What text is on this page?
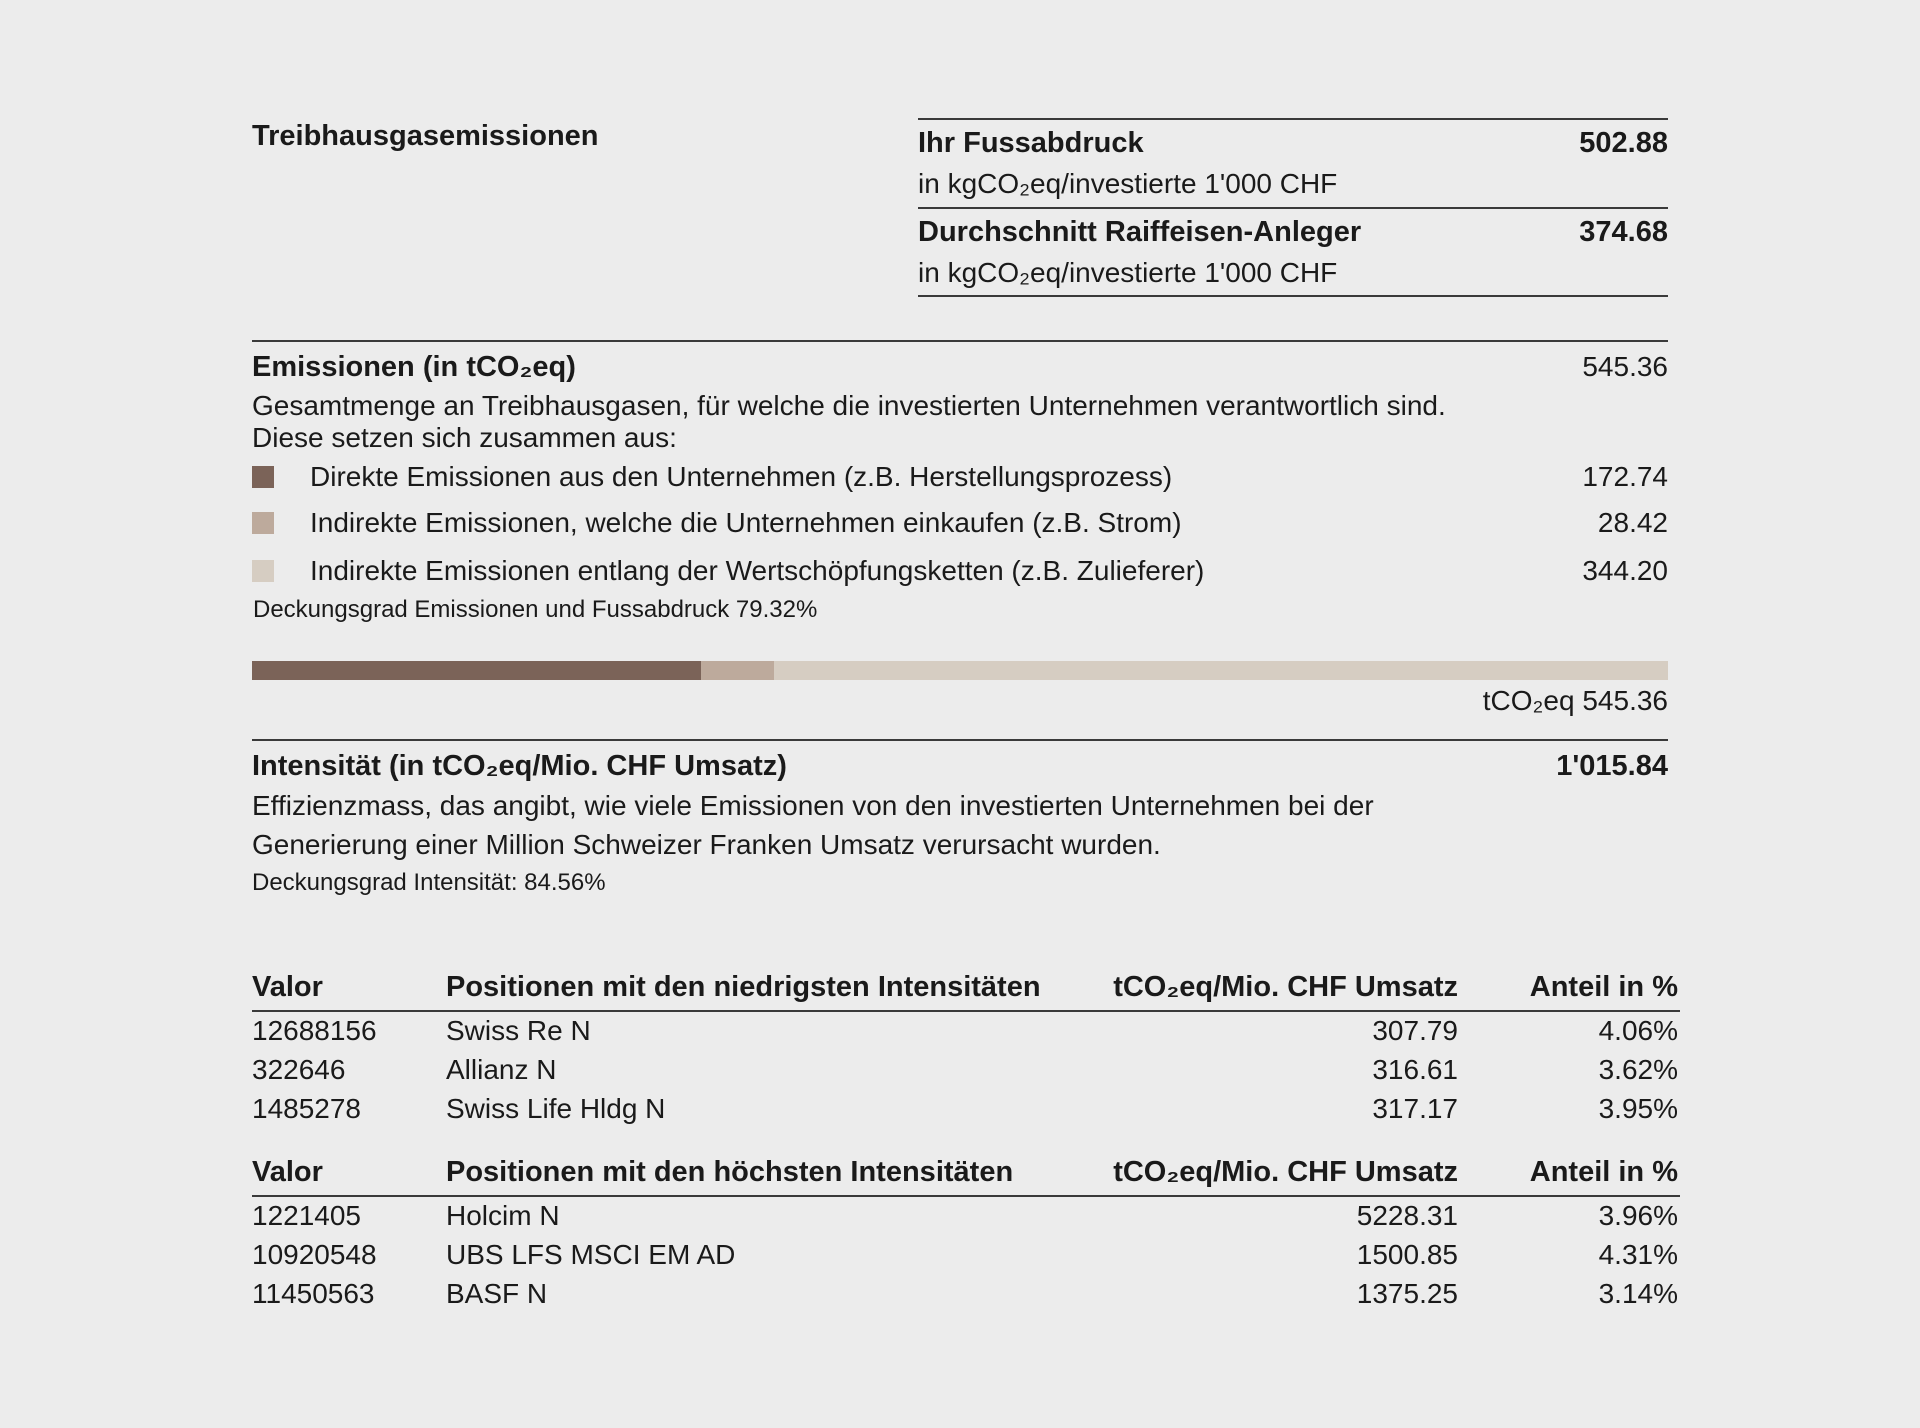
Treibhausgasemissionen	Ihr Fussabdruck	502.88
in kgCO₂eq/investierte 1'000 CHF
Durchschnitt Raiffeisen-Anleger	374.68
in kgCO₂eq/investierte 1'000 CHF
Emissionen (in tCO₂eq)	545.36
Gesamtmenge an Treibhausgasen, für welche die investierten Unternehmen verantwortlich sind.
Diese setzen sich zusammen aus:
Direkte Emissionen aus den Unternehmen (z.B. Herstellungsprozess)	172.74
Indirekte Emissionen, welche die Unternehmen einkaufen (z.B. Strom)	28.42
Indirekte Emissionen entlang der Wertschöpfungsketten (z.B. Zulieferer)	344.20
Deckungsgrad Emissionen und Fussabdruck 79.32%
tCO₂eq 545.36
Intensität (in tCO₂eq/Mio. CHF Umsatz)	1'015.84
Effizienzmass, das angibt, wie viele Emissionen von den investierten Unternehmen bei der
Generierung einer Million Schweizer Franken Umsatz verursacht wurden.
Deckungsgrad Intensität: 84.56%
Valor	Positionen mit den niedrigsten Intensitäten	tCO₂eq/Mio. CHF Umsatz	Anteil in %
12688156 Swiss Re N	307.79	4.06%
322646	Allianz N	316.61	3.62%
1485278	Swiss Life Hldg N	317.17	3.95%
Valor	Positionen mit den höchsten Intensitäten	tCO₂eq/Mio. CHF Umsatz	Anteil in %
1221405	Holcim N	5228.31	3.96%
10920548 UBS LFS MSCI EM AD	1500.85	4.31%
11450563	BASF N	1375.25	3.14%
